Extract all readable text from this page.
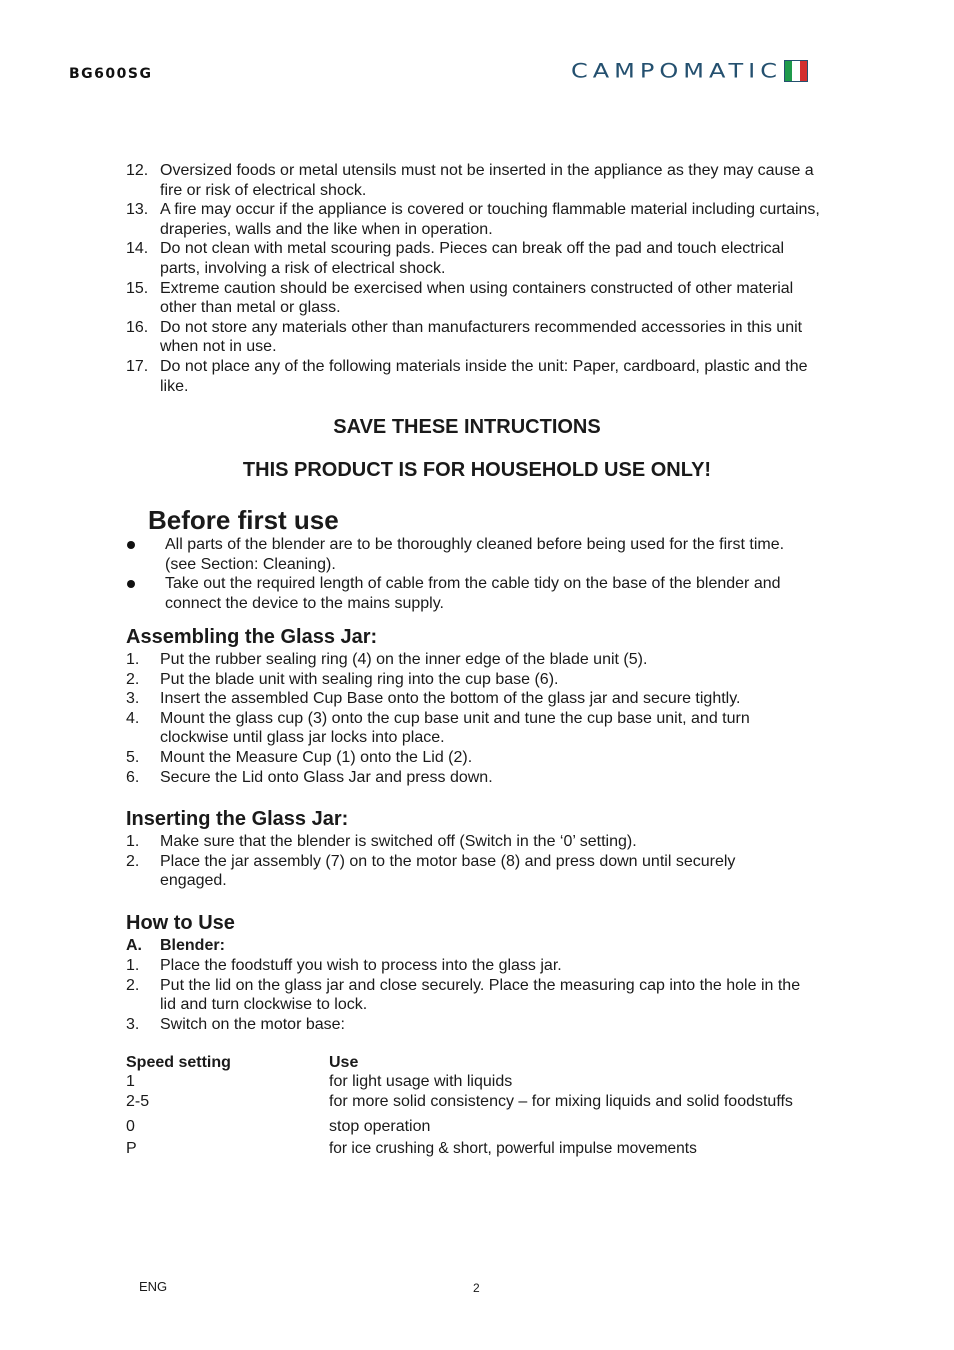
BG600SG	CAMPOMATIC
12. Oversized foods or metal utensils must not be inserted in the appliance as they may cause a fire or risk of electrical shock.
13. A fire may occur if the appliance is covered or touching flammable material including curtains, draperies, walls and the like when in operation.
14. Do not clean with metal scouring pads. Pieces can break off the pad and touch electrical parts, involving a risk of electrical shock.
15. Extreme caution should be exercised when using containers constructed of other material other than metal or glass.
16. Do not store any materials other than manufacturers recommended accessories in this unit when not in use.
17. Do not place any of the following materials inside the unit: Paper, cardboard, plastic and the like.
SAVE THESE INTRUCTIONS
THIS PRODUCT IS FOR HOUSEHOLD USE ONLY!
Before first use
All parts of the blender are to be thoroughly cleaned before being used for the first time. (see Section: Cleaning).
Take out the required length of cable from the cable tidy on the base of the blender and connect the device to the mains supply.
Assembling the Glass Jar:
1. Put the rubber sealing ring (4) on the inner edge of the blade unit (5).
2. Put the blade unit with sealing ring into the cup base (6).
3. Insert the assembled Cup Base onto the bottom of the glass jar and secure tightly.
4. Mount the glass cup (3) onto the cup base unit and tune the cup base unit, and turn clockwise until glass jar locks into place.
5. Mount the Measure Cup (1) onto the Lid (2).
6. Secure the Lid onto Glass Jar and press down.
Inserting the Glass Jar:
1. Make sure that the blender is switched off (Switch in the ‘0’ setting).
2. Place the jar assembly (7) on to the motor base (8) and press down until securely engaged.
How to Use
A. Blender:
1. Place the foodstuff you wish to process into the glass jar.
2. Put the lid on the glass jar and close securely. Place the measuring cap into the hole in the lid and turn clockwise to lock.
3. Switch on the motor base:
Speed setting	Use
1	for light usage with liquids
2-5	for more solid consistency – for mixing liquids and solid foodstuffs
0	stop operation
P	for ice crushing & short, powerful impulse movements
ENG	2
